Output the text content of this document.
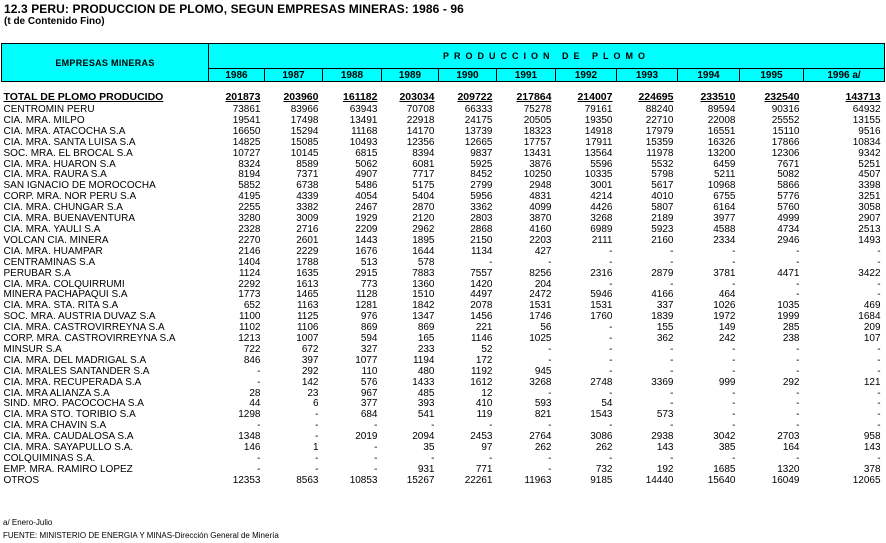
12.3 PERU: PRODUCCION DE PLOMO, SEGUN EMPRESAS MINERAS: 1986 - 96
(t de Contenido Fino)
EMPRESAS MINERAS	PRODUCCION DE PLOMO										
	1986	1987	1988	1989	1990	1991	1992	1993	1994	1995	1996 a/

TOTAL DE PLOMO PRODUCIDO	201873	203960	161182	203034	209722	217864	214007	224695	233510	232540	143713
CENTROMIN PERU	73861	83966	63943	70708	66333	75278	79161	88240	89594	90316	64932
CIA. MRA. MILPO	19541	17498	13491	22918	24175	20505	19350	22710	22008	25552	13155
CIA. MRA. ATACOCHA S.A	16650	15294	11168	14170	13739	18323	14918	17979	16551	15110	9516
CIA. MRA. SANTA LUISA S.A	14825	15085	10493	12356	12665	17757	17911	15359	16326	17866	10834
SOC. MRA. EL BROCAL S.A	10727	10145	6815	8394	9837	13431	13564	11978	13200	12306	9342
CIA. MRA. HUARON S.A	8324	8589	5062	6081	5925	3876	5596	5532	6459	7671	5251
CIA. MRA. RAURA S.A	8194	7371	4907	7717	8452	10250	10335	5798	5211	5082	4507
SAN IGNACIO DE MOROCOCHA	5852	6738	5486	5175	2799	2948	3001	5617	10968	5866	3398
CORP. MRA. NOR PERU S.A	4195	4339	4054	5404	5956	4831	4214	4010	6755	5776	3251
CIA. MRA. CHUNGAR S.A	2255	3382	2467	2870	3362	4099	4426	5807	6164	5760	3058
CIA. MRA. BUENAVENTURA	3280	3009	1929	2120	2803	3870	3268	2189	3977	4999	2907
CIA. MRA. YAULI S.A	2328	2716	2209	2962	2868	4160	6989	5923	4588	4734	2513
VOLCAN CIA. MINERA	2270	2601	1443	1895	2150	2203	2111	2160	2334	2946	1493
CIA. MRA. HUAMPAR	2146	2229	1676	1644	1134	427	-	-	-	-	-
CENTRAMINAS S.A	1404	1788	513	578	-	-	-	-	-	-	-
PERUBAR S.A	1124	1635	2915	7883	7557	8256	2316	2879	3781	4471	3422
CIA. MRA. COLQUIRRUMI	2292	1613	773	1360	1420	204	-	-	-	-	-
MINERA PACHAPAQUI S.A	1773	1465	1128	1510	4497	2472	5946	4166	464	-	-
CIA. MRA. STA. RITA S.A	652	1163	1281	1842	2078	1531	1531	337	1026	1035	469
SOC. MRA. AUSTRIA DUVAZ S.A	1100	1125	976	1347	1456	1746	1760	1839	1972	1999	1684
CIA. MRA. CASTROVIRREYNA S.A	1102	1106	869	869	221	56	-	155	149	285	209
CORP. MRA. CASTROVIRREYNA S.A	1213	1007	594	165	1146	1025	-	362	242	238	107
MINSUR S.A	722	672	327	233	52	-	-	-	-	-	-
CIA. MRA. DEL MADRIGAL S.A	846	397	1077	1194	172	-	-	-	-	-	-
CIA. MRALES SANTANDER S.A	-	292	110	480	1192	945	-	-	-	-	-
CIA. MRA. RECUPERADA S.A	-	142	576	1433	1612	3268	2748	3369	999	292	121
CIA. MRA ALIANZA S.A	28	23	967	485	12	-	-	-	-	-	-
SIND. MRO. PACOCOCHA S.A	44	6	377	393	410	593	54	-	-	-	-
CIA. MRA STO. TORIBIO S.A	1298	-	684	541	119	821	1543	573	-	-	-
CIA. MRA CHAVIN S.A	-	-	-	-	-	-	-	-	-	-	-
CIA. MRA. CAUDALOSA S.A	1348	-	2019	2094	2453	2764	3086	2938	3042	2703	958
CIA. MRA. SAYAPULLO S.A.	146	1	-	35	97	262	262	143	385	164	143
COLQUIMINAS S.A.	-	-	-	-	-	-	-	-	-	-	-
EMP. MRA. RAMIRO LOPEZ	-	-	-	931	771	-	732	192	1685	1320	378
OTROS	12353	8563	10853	15267	22261	11963	9185	14440	15640	16049	12065
a/ Enero-Julio
FUENTE: MINISTERIO DE ENERGIA Y MINAS-Dirección General de Minería
